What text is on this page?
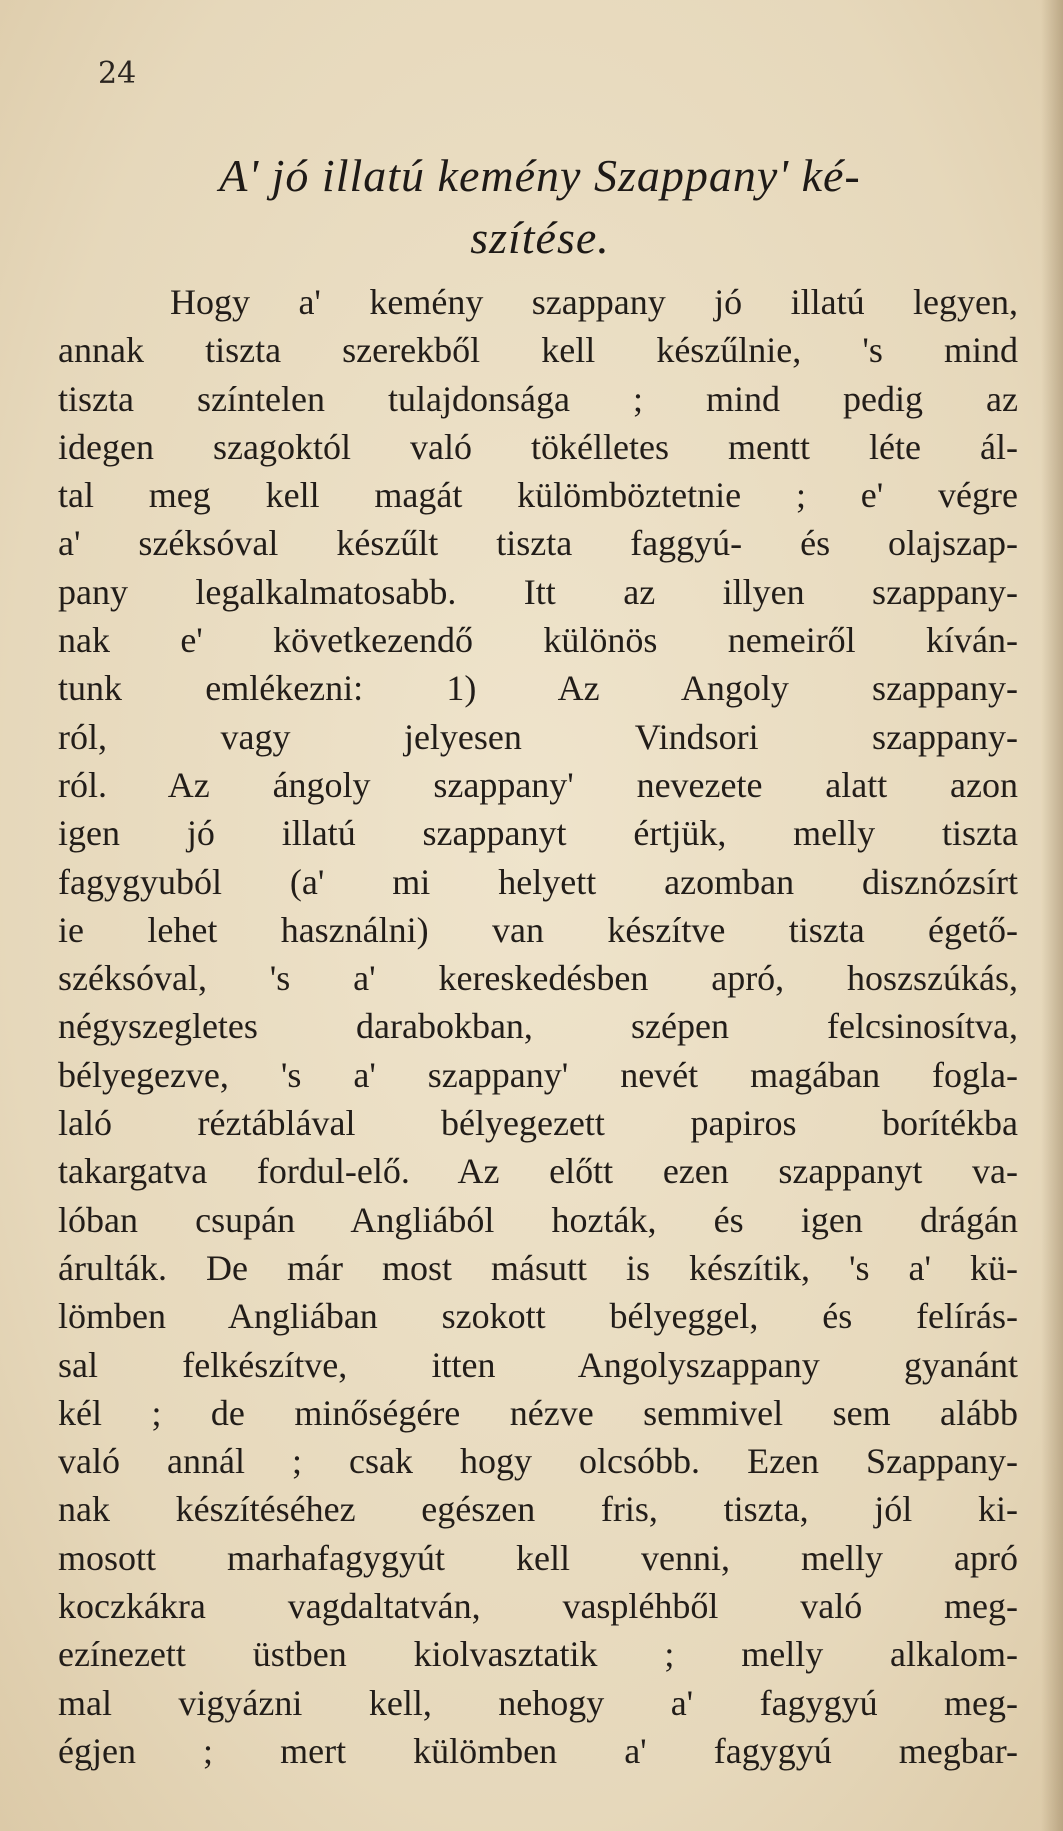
24
A' jó illatú kemény Szappany' ké-
szítése.
Hogy a' kemény szappany jó illatú legyen,
annak tiszta szerekből kell készűlnie, 's mind
tiszta színtelen tulajdonsága ; mind pedig az
idegen szagoktól való tökélletes mentt léte ál-
tal meg kell magát külömböztetnie ; e' végre
a' széksóval készűlt tiszta faggyú- és olajszap-
pany legalkalmatosabb. Itt az illyen szappany-
nak e' következendő különös nemeiről kíván-
tunk emlékezni: 1) Az Angoly szappany-
ról, vagy jelyesen Vindsori szappany-
ról. Az ángoly szappany' nevezete alatt azon
igen jó illatú szappanyt értjük, melly tiszta
fagygyuból (a' mi helyett azomban disznózsírt
ie lehet használni) van készítve tiszta égető-
széksóval, 's a' kereskedésben apró, hoszszúkás,
négyszegletes darabokban, szépen felcsinosítva,
bélyegezve, 's a' szappany' nevét magában fogla-
laló réztáblával bélyegezett papiros borítékba
takargatva fordul-elő. Az előtt ezen szappanyt va-
lóban csupán Angliából hozták, és igen drágán
árulták. De már most másutt is készítik, 's a' kü-
lömben Angliában szokott bélyeggel, és felírás-
sal felkészítve, itten Angolyszappany gyanánt
kél ; de minőségére nézve semmivel sem alább
való annál ; csak hogy olcsóbb. Ezen Szappany-
nak készítéséhez egészen fris, tiszta, jól ki-
mosott marhafagygyút kell venni, melly apró
koczkákra vagdaltatván, vaspléhből való meg-
ezínezett üstben kiolvasztatik ; melly alkalom-
mal vigyázni kell, nehogy a' fagygyú meg-
égjen ; mert külömben a' fagygyú megbar-
